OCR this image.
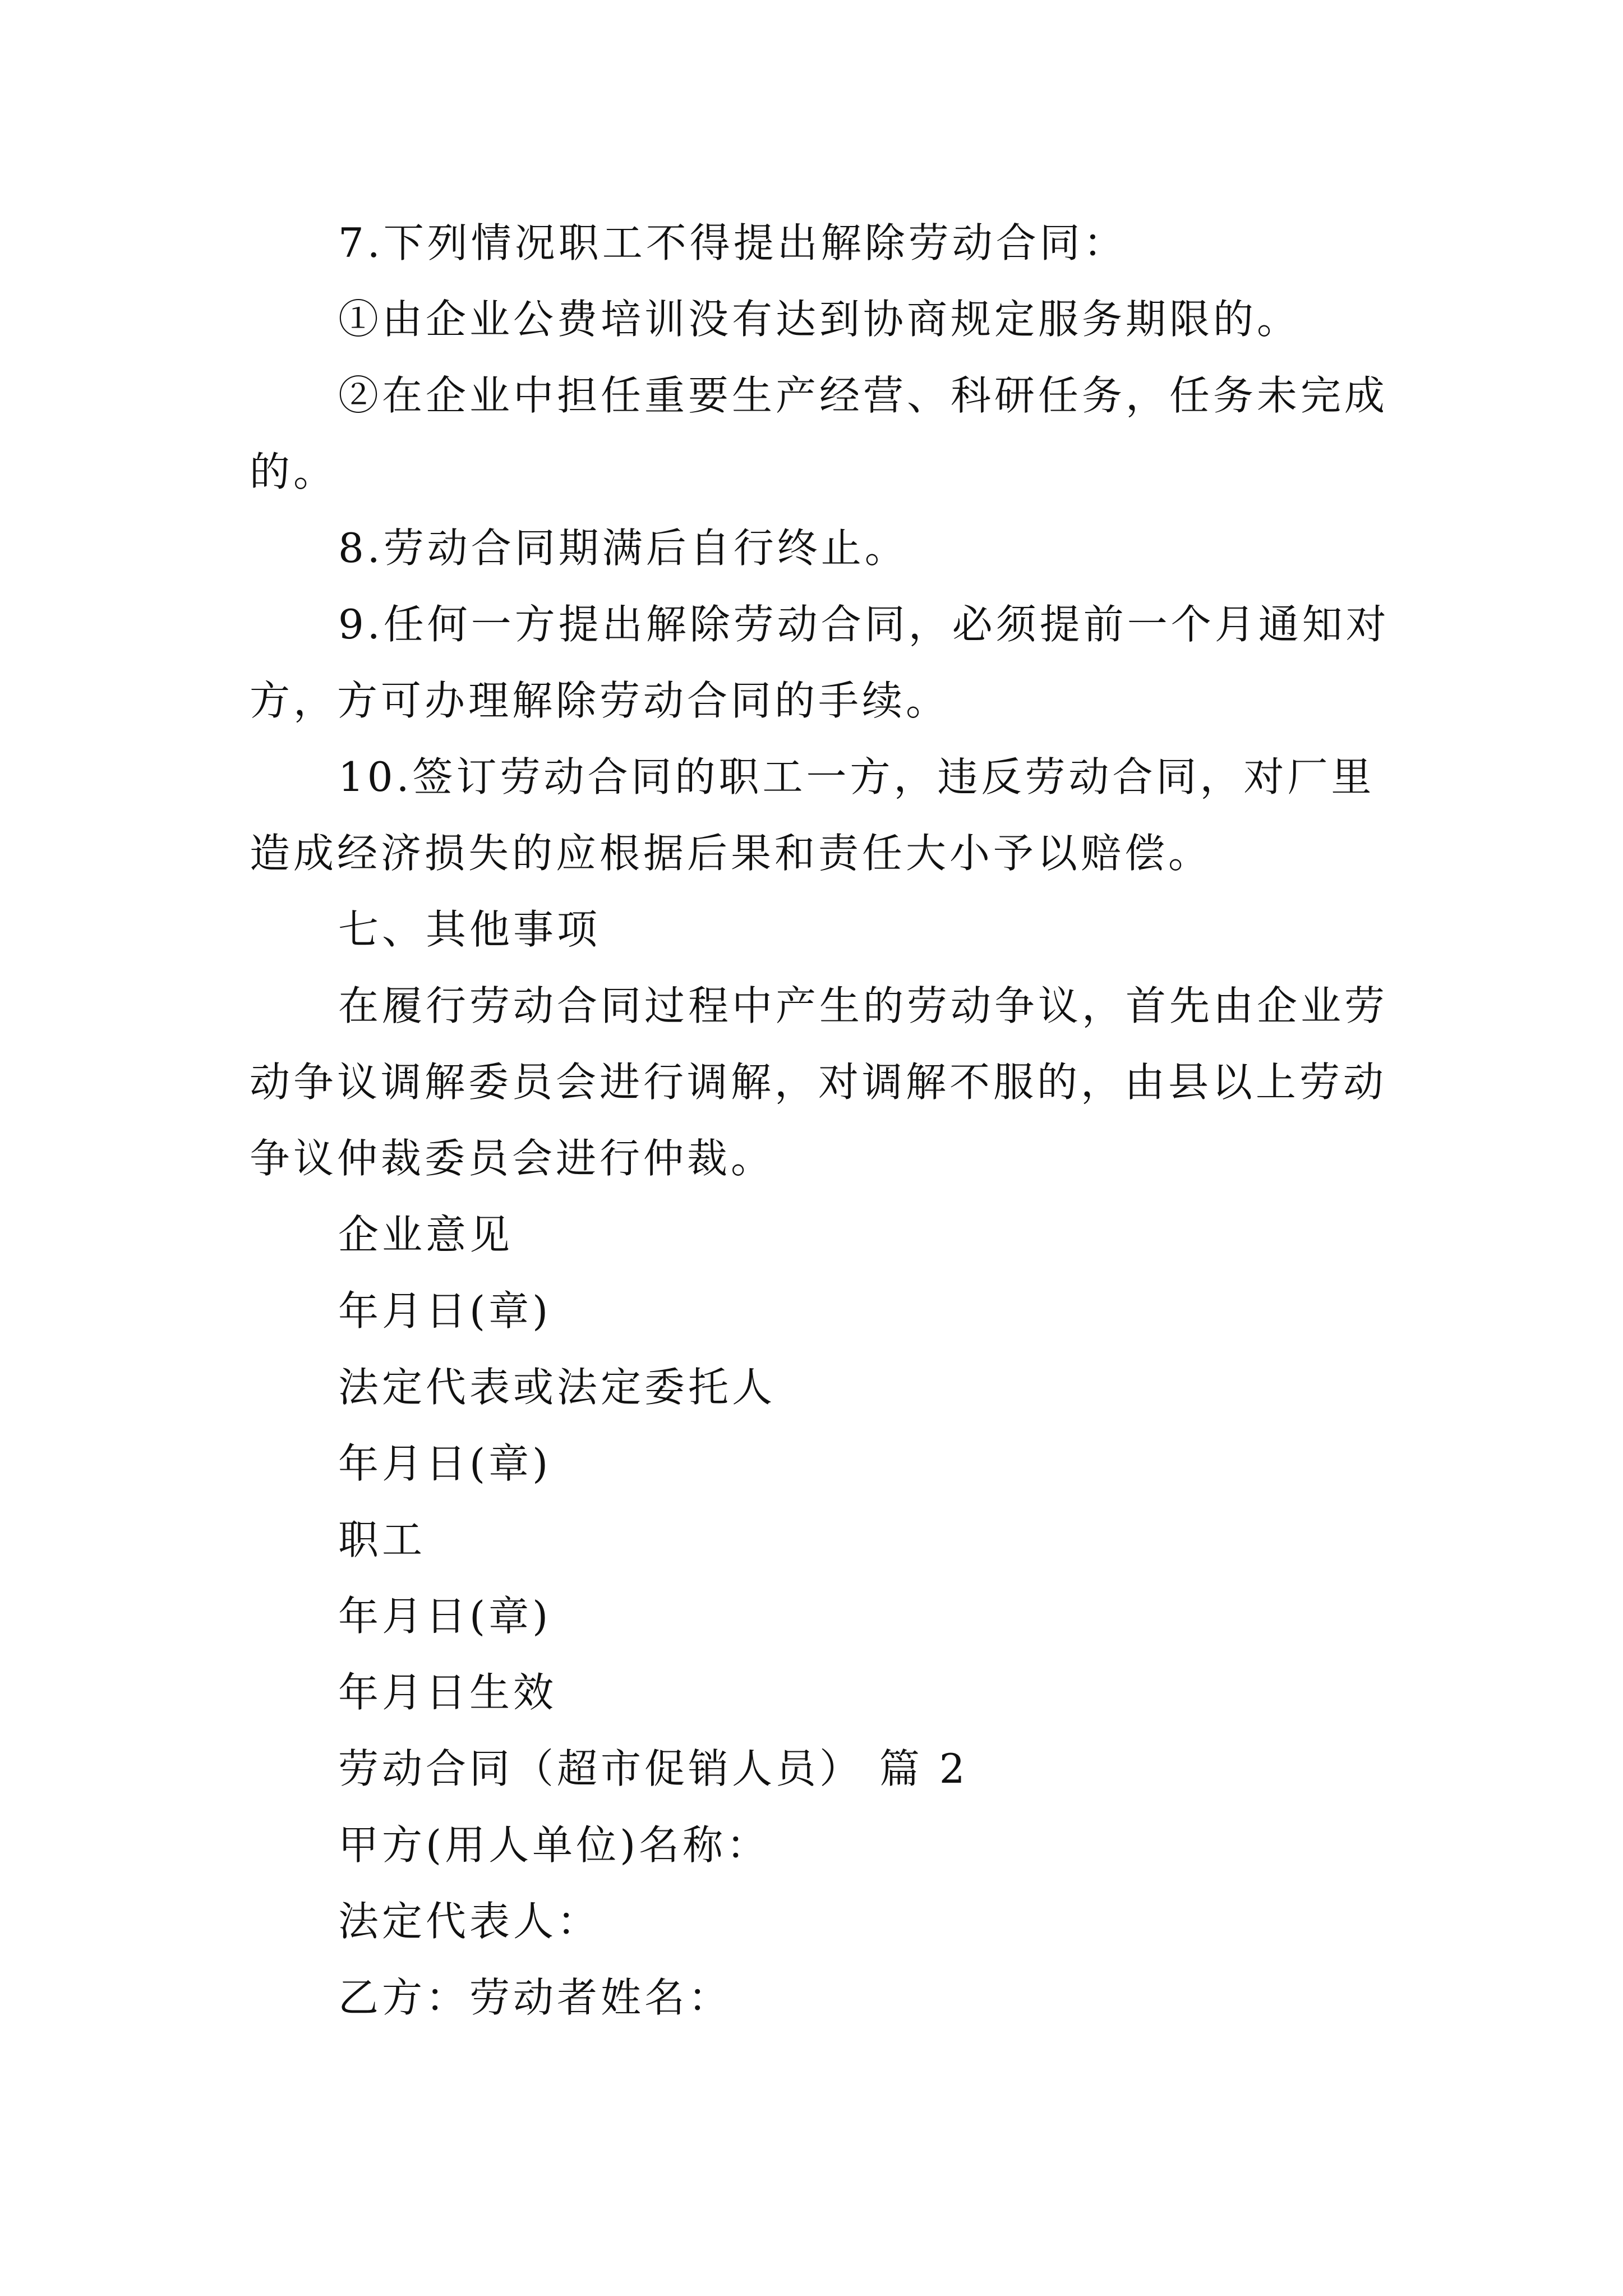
7.下列情况职工不得提出解除劳动合同：

①由企业公费培训没有达到协商规定服务期限的。

②在企业中担任重要生产经营、科研任务，任务未完成
的。

8.劳动合同期满后自行终止。

9.任何一方提出解除劳动合同，必须提前一个月通知对
方，方可办理解除劳动合同的手续。

10.签订劳动合同的职工一方，违反劳动合同，对厂里
造成经济损失的应根据后果和责任大小予以赔偿。

七、其他事项

在履行劳动合同过程中产生的劳动争议，首先由企业劳
动争议调解委员会进行调解，对调解不服的，由县以上劳动
争议仲裁委员会进行仲裁。

企业意见

年月日(章)

法定代表或法定委托人

年月日(章)

职工

年月日(章)

年月日生效

劳动合同（超市促销人员） 篇 2

甲方(用人单位)名称：

法定代表人：

乙方：劳动者姓名：
